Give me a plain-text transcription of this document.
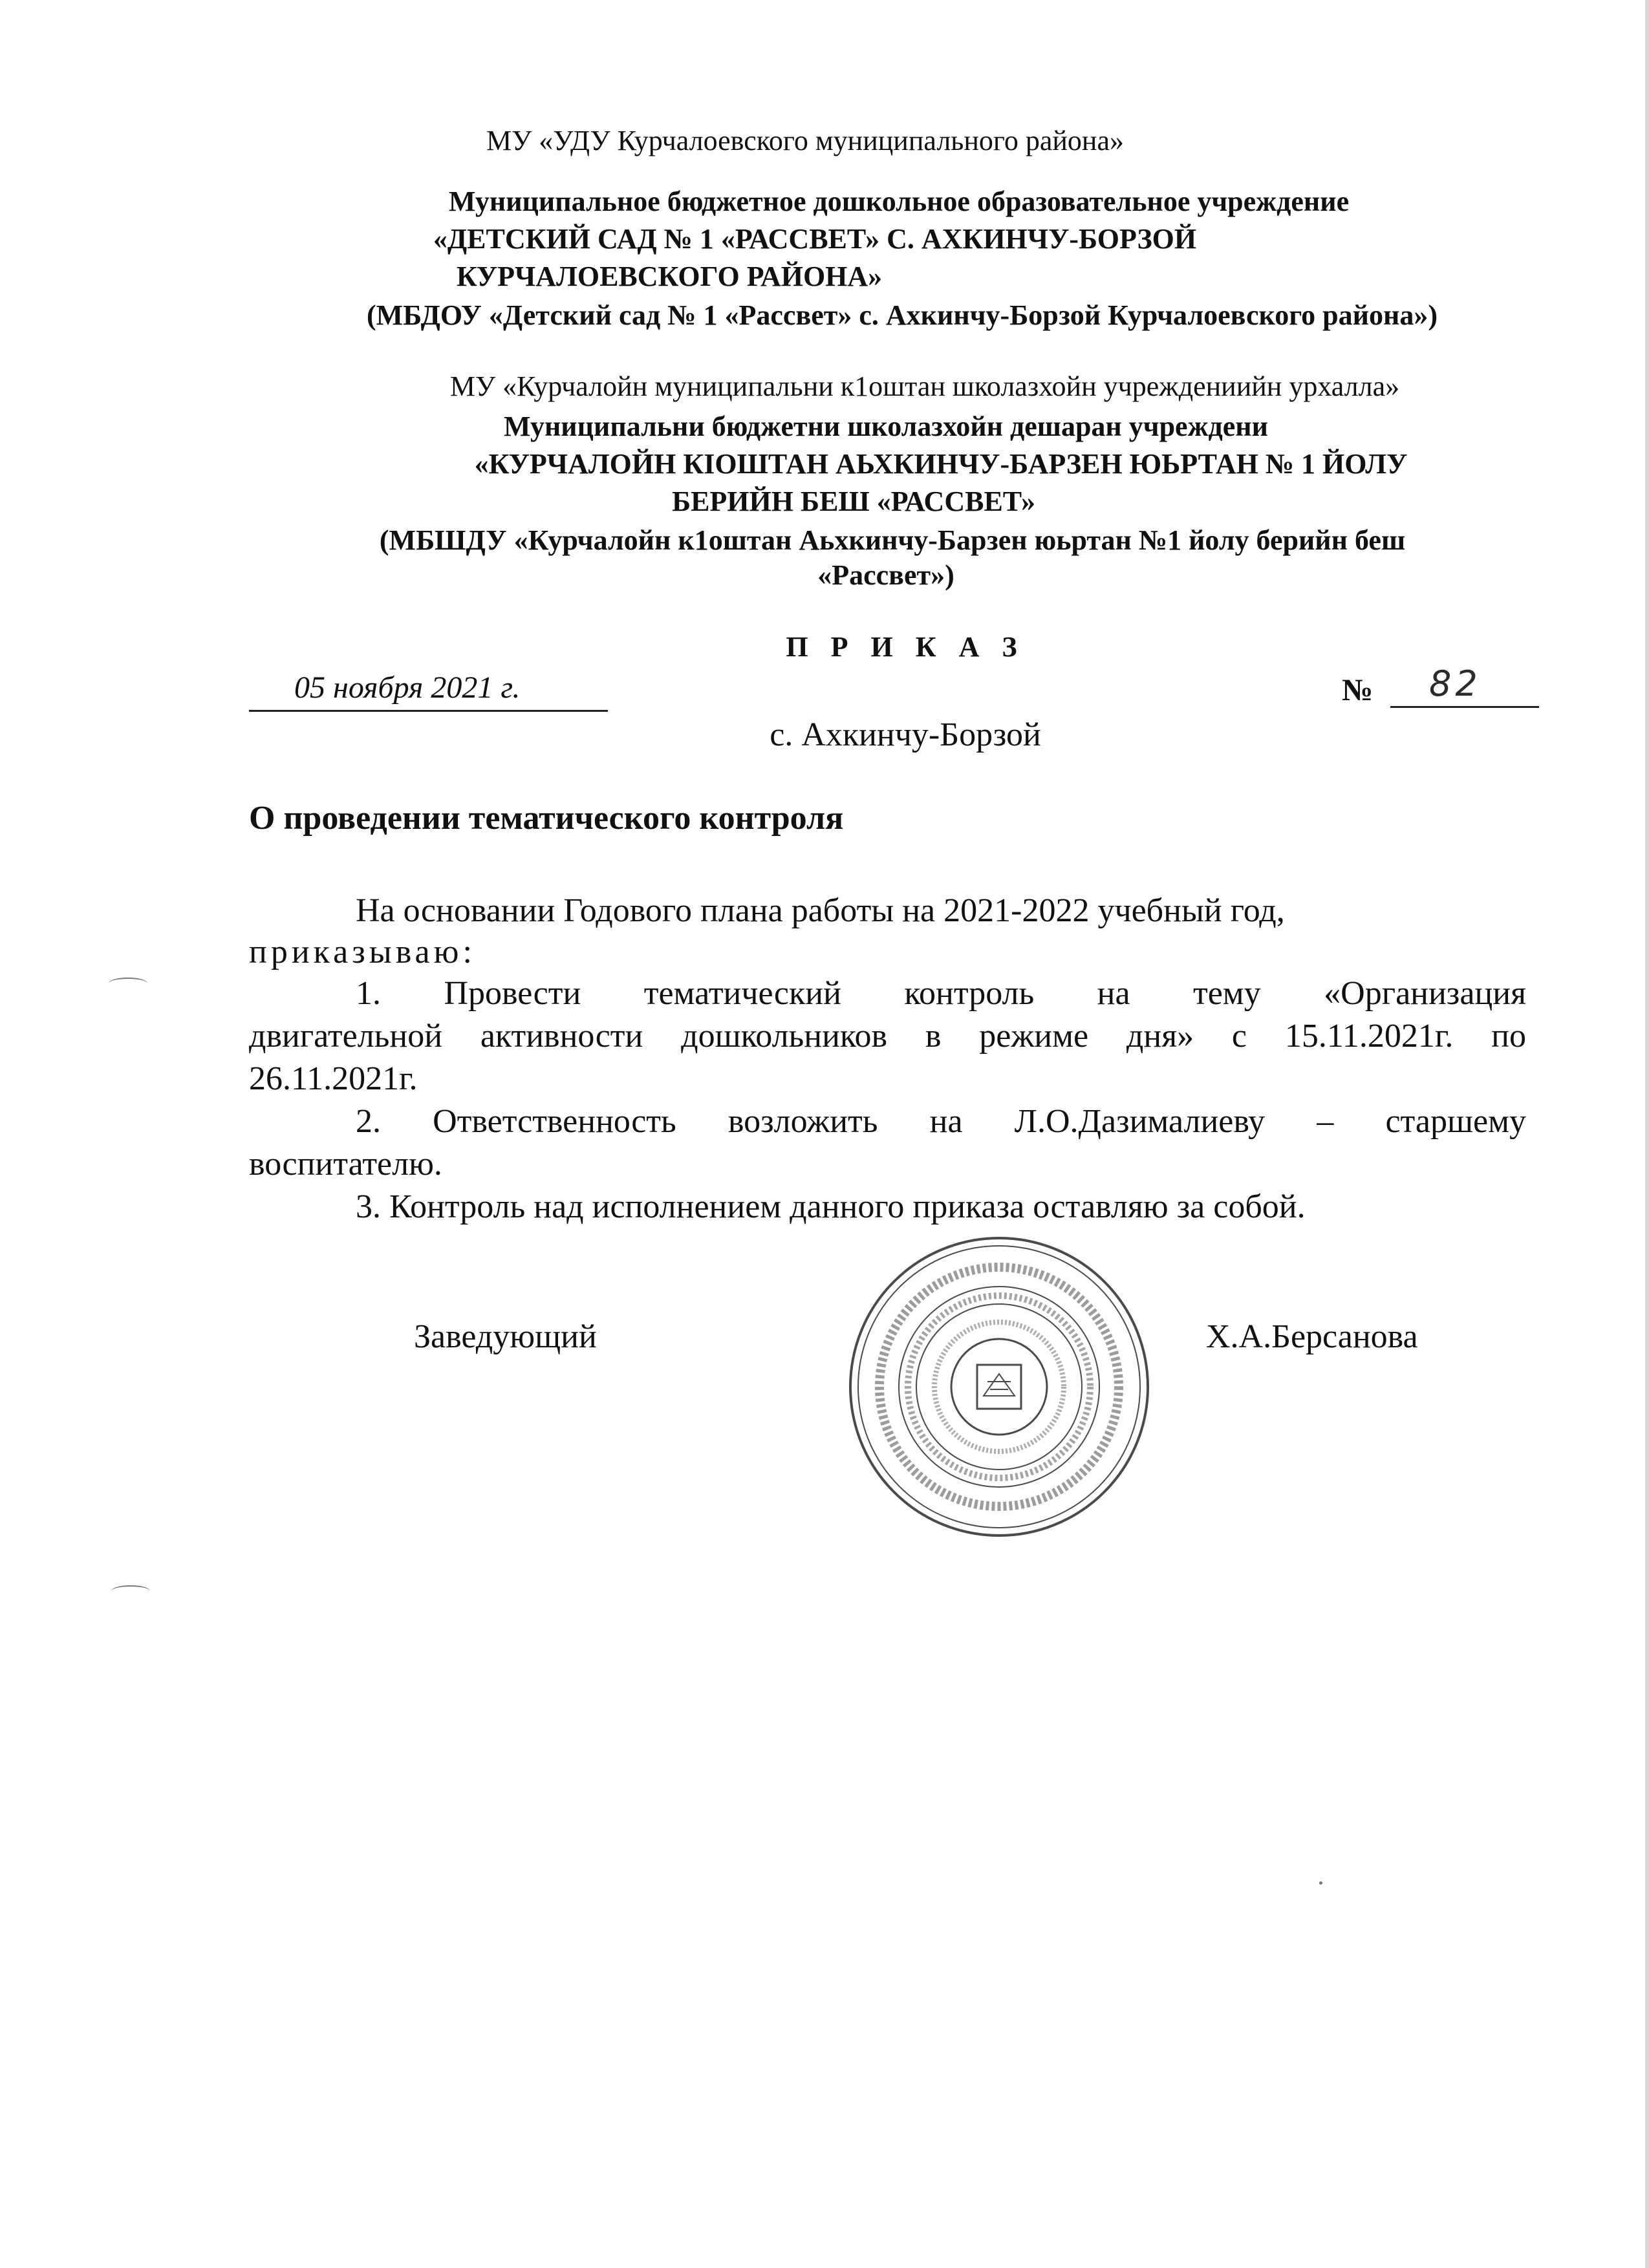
МУ «УДУ Курчалоевского муниципального района»
Муниципальное бюджетное дошкольное образовательное учреждение
«ДЕТСКИЙ САД № 1 «РАССВЕТ» С. АХКИНЧУ-БОРЗОЙ
КУРЧАЛОЕВСКОГО РАЙОНА»
(МБДОУ «Детский сад № 1 «Рассвет» с. Ахкинчу-Борзой Курчалоевского района»)
МУ «Курчалойн муниципальни к1оштан школазхойн учреждениийн урхалла»
Муниципальни бюджетни школазхойн дешаран учреждени
«КУРЧАЛОЙН КIОШТАН АЬХКИНЧУ-БАРЗЕН ЮЬРТАН № 1 ЙОЛУ
БЕРИЙН БЕШ «РАССВЕТ»
(МБШДУ «Курчалойн к1оштан Аьхкинчу-Барзен юьртан №1 йолу берийн беш
«Рассвет»)
П Р И К А З
05 ноября 2021 г.	№ 82
с. Ахкинчу-Борзой
О проведении тематического контроля
На основании Годового плана работы на 2021-2022 учебный год,
приказываю:
1. Провести тематический контроль на тему «Организация
двигательной активности дошкольников в режиме дня» с 15.11.2021г. по
26.11.2021г.
2. Ответственность возложить на Л.О.Дазималиеву – старшему
воспитателю.
3. Контроль над исполнением данного приказа оставляю за собой.
Заведующий	Х.А.Берсанова
